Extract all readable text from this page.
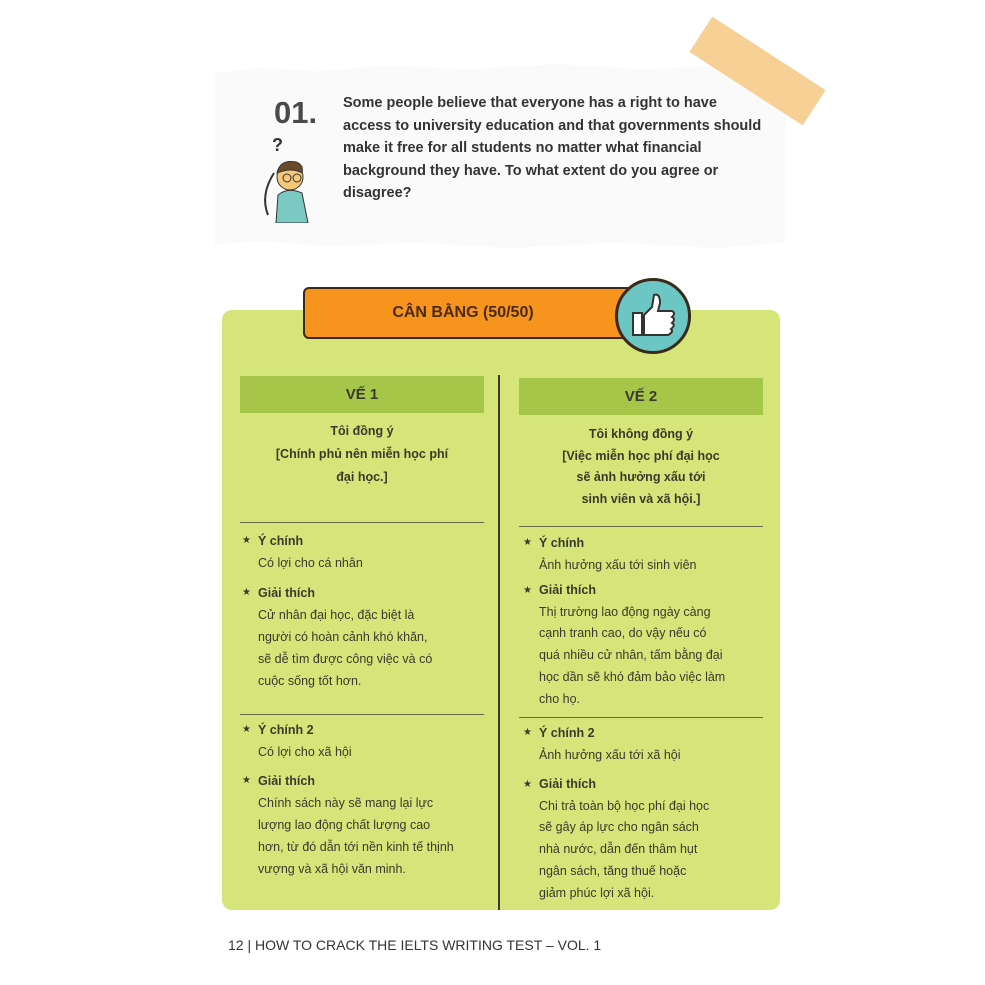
01.
?
Some people believe that everyone has a right to have access to university education and that governments should make it free for all students no matter what financial background they have. To what extent do you agree or disagree?
CÂN BẰNG (50/50)
VẾ 1
Tôi đồng ý
[Chính phủ nên miễn học phí
đại học.]
★ Ý chính
Có lợi cho cá nhân
★ Giải thích
Cử nhân đại học, đặc biệt là
người có hoàn cảnh khó khăn,
sẽ dễ tìm được công việc và có
cuộc sống tốt hơn.
★ Ý chính 2
Có lợi cho xã hội
★ Giải thích
Chính sách này sẽ mang lại lực
lượng lao động chất lượng cao
hơn, từ đó dẫn tới nền kinh tế thịnh
vượng và xã hội văn minh.
VẾ 2
Tôi không đồng ý
[Việc miễn học phí đại học
sẽ ảnh hưởng xấu tới
sinh viên và xã hội.]
★ Ý chính
Ảnh hưởng xấu tới sinh viên
★ Giải thích
Thị trường lao động ngày càng
cạnh tranh cao, do vậy nếu có
quá nhiều cử nhân, tấm bằng đại
học dần sẽ khó đảm bảo việc làm
cho họ.
★ Ý chính 2
Ảnh hưởng xấu tới xã hội
★ Giải thích
Chi trả toàn bộ học phí đại học
sẽ gây áp lực cho ngân sách
nhà nước, dẫn đến thâm hụt
ngân sách, tăng thuế hoặc
giảm phúc lợi xã hội.
12 | HOW TO CRACK THE IELTS WRITING TEST – VOL. 1
